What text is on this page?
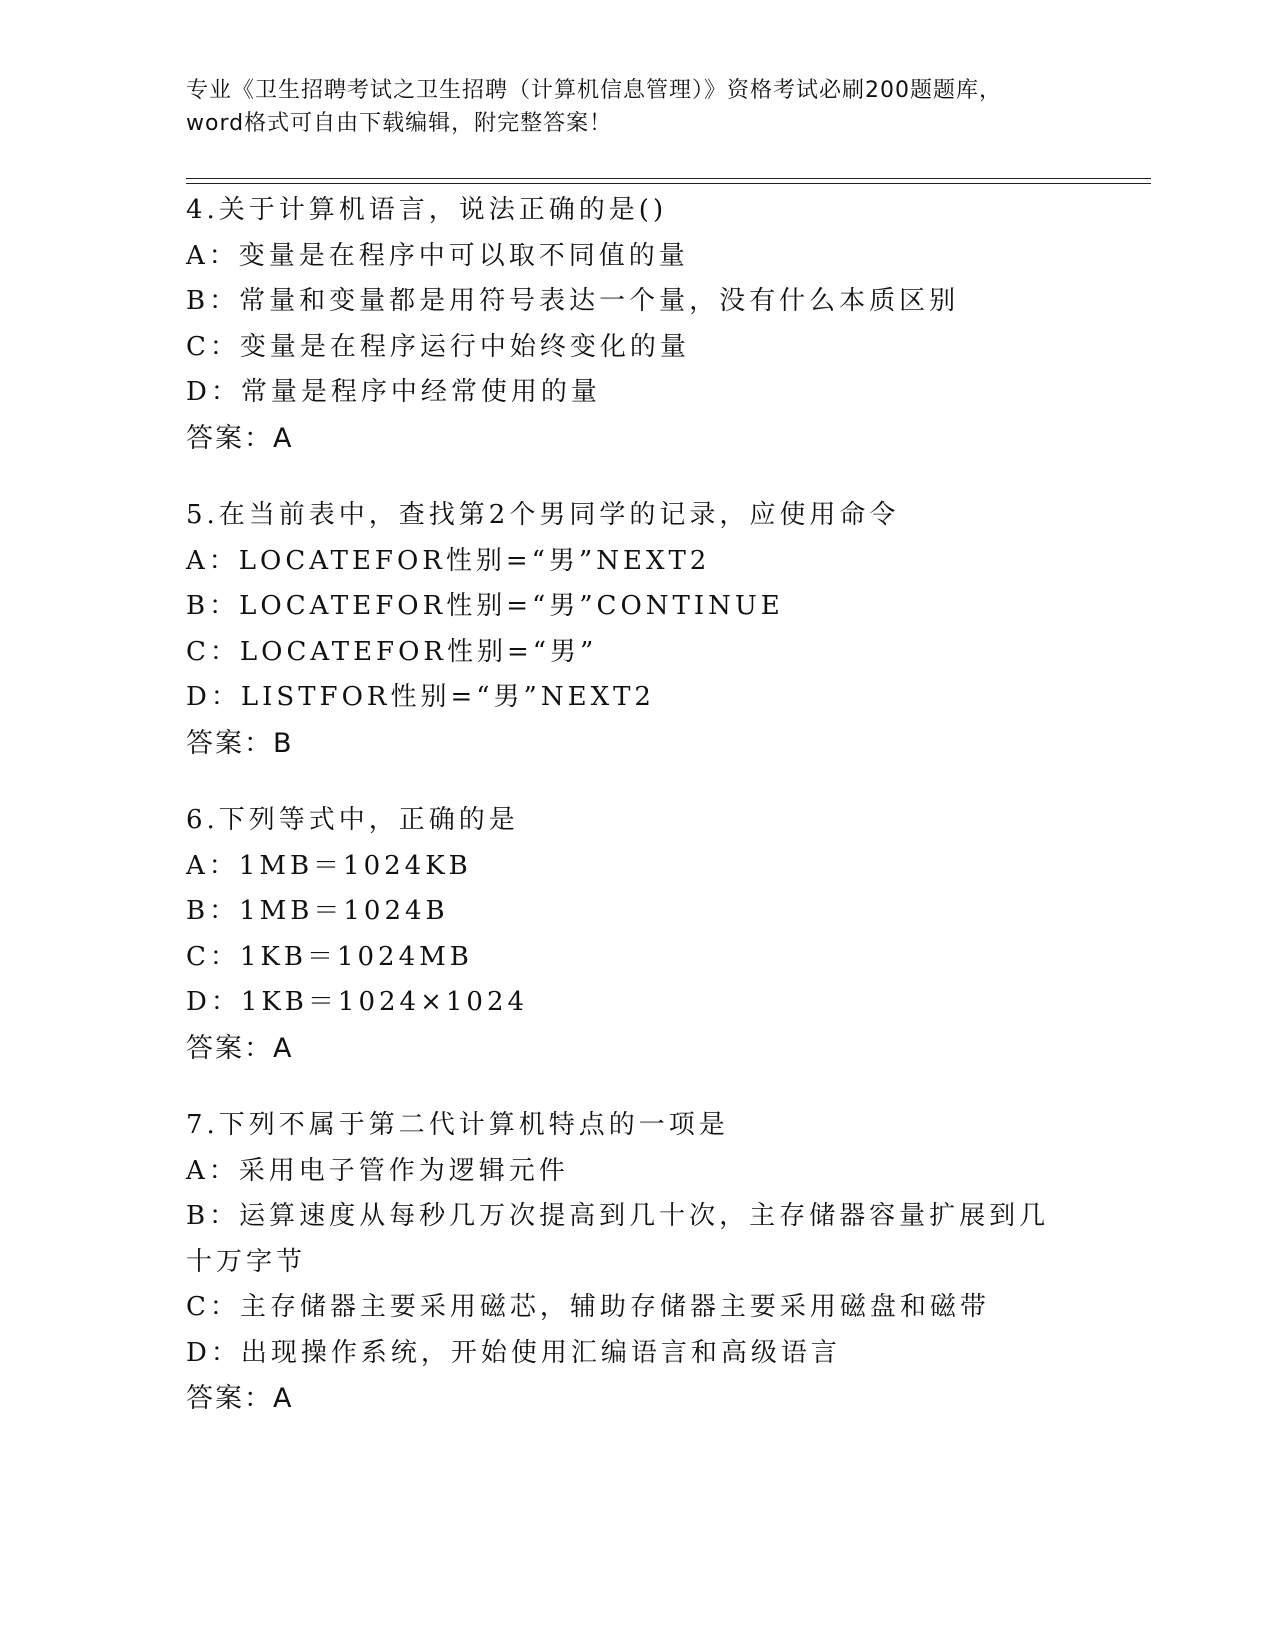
专业《卫生招聘考试之卫生招聘（计算机信息管理）》资格考试必刷200题题库，
word格式可自由下载编辑，附完整答案！
4.关于计算机语言，说法正确的是()
A：变量是在程序中可以取不同值的量
B：常量和变量都是用符号表达一个量，没有什么本质区别
C：变量是在程序运行中始终变化的量
D：常量是程序中经常使用的量
答案：A
5.在当前表中，查找第2个男同学的记录，应使用命令
A：LOCATEFOR性别=“男”NEXT2
B：LOCATEFOR性别=“男”CONTINUE
C：LOCATEFOR性别=“男”
D：LISTFOR性别=“男”NEXT2
答案：B
6.下列等式中，正确的是
A：1MB＝1024KB
B：1MB＝1024B
C：1KB＝1024MB
D：1KB＝1024×1024
答案：A
7.下列不属于第二代计算机特点的一项是
A：采用电子管作为逻辑元件
B：运算速度从每秒几万次提高到几十次，主存储器容量扩展到几十万字节
C：主存储器主要采用磁芯，辅助存储器主要采用磁盘和磁带
D：出现操作系统，开始使用汇编语言和高级语言
答案：A
